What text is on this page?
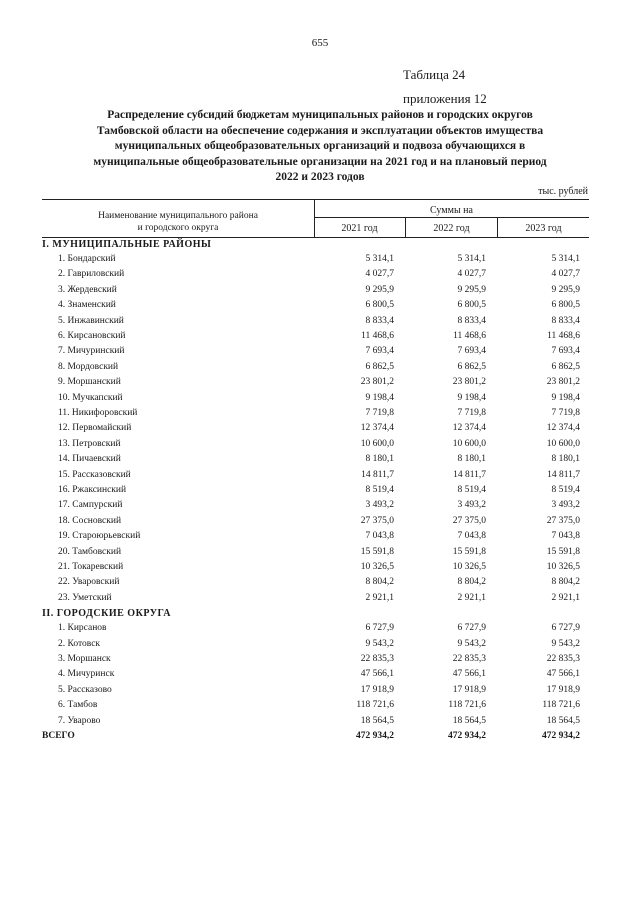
655
Таблица 24
приложения 12
Распределение субсидий бюджетам муниципальных районов и городских округов
Тамбовской области на обеспечение содержания и эксплуатации объектов имущества
муниципальных общеобразовательных организаций и подвоза обучающихся в
муниципальные общеобразовательные организации на 2021 год и на плановый период
2022 и 2023 годов
тыс. рублей
Наименование муниципального района
и городского округа
Суммы на
2021 год	2022 год	2023 год
I. МУНИЦИПАЛЬНЫЕ РАЙОНЫ
1. Бондарский	5 314,1	5 314,1	5 314,1
2. Гавриловский	4 027,7	4 027,7	4 027,7
3. Жердевский	9 295,9	9 295,9	9 295,9
4. Знаменский	6 800,5	6 800,5	6 800,5
5. Инжавинский	8 833,4	8 833,4	8 833,4
6. Кирсановский	11 468,6	11 468,6	11 468,6
7. Мичуринский	7 693,4	7 693,4	7 693,4
8. Мордовский	6 862,5	6 862,5	6 862,5
9. Моршанский	23 801,2	23 801,2	23 801,2
10. Мучкапский	9 198,4	9 198,4	9 198,4
11. Никифоровский	7 719,8	7 719,8	7 719,8
12. Первомайский	12 374,4	12 374,4	12 374,4
13. Петровский	10 600,0	10 600,0	10 600,0
14. Пичаевский	8 180,1	8 180,1	8 180,1
15. Рассказовский	14 811,7	14 811,7	14 811,7
16. Ржаксинский	8 519,4	8 519,4	8 519,4
17. Сампурский	3 493,2	3 493,2	3 493,2
18. Сосновский	27 375,0	27 375,0	27 375,0
19. Староюрьевский	7 043,8	7 043,8	7 043,8
20. Тамбовский	15 591,8	15 591,8	15 591,8
21. Токаревский	10 326,5	10 326,5	10 326,5
22. Уваровский	8 804,2	8 804,2	8 804,2
23. Уметский	2 921,1	2 921,1	2 921,1
II. ГОРОДСКИЕ ОКРУГА
1. Кирсанов	6 727,9	6 727,9	6 727,9
2. Котовск	9 543,2	9 543,2	9 543,2
3. Моршанск	22 835,3	22 835,3	22 835,3
4. Мичуринск	47 566,1	47 566,1	47 566,1
5. Рассказово	17 918,9	17 918,9	17 918,9
6. Тамбов	118 721,6	118 721,6	118 721,6
7. Уварово	18 564,5	18 564,5	18 564,5
ВСЕГО	472 934,2	472 934,2	472 934,2
